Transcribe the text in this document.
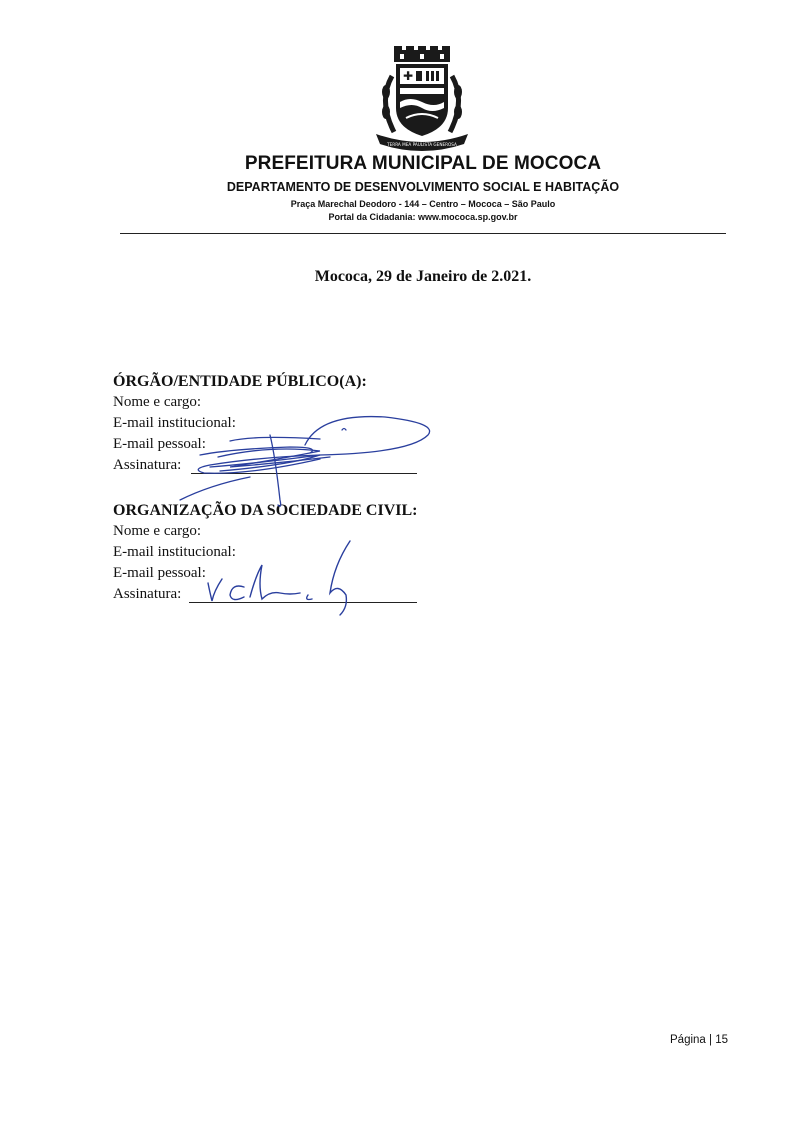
✚
TERRA MEA PAULISTA GENEROSA
PREFEITURA MUNICIPAL DE MOCOCA
DEPARTAMENTO DE DESENVOLVIMENTO SOCIAL E HABITAÇÃO
Praça Marechal Deodoro - 144 – Centro – Mococa – São Paulo
Portal da Cidadania: www.mococa.sp.gov.br
Mococa, 29 de Janeiro de 2.021.
ÓRGÃO/ENTIDADE PÚBLICO(A):
Nome e cargo:
E-mail institucional:
E-mail pessoal:
Assinatura:
ORGANIZAÇÃO DA SOCIEDADE CIVIL:
Nome e cargo:
E-mail institucional:
E-mail pessoal:
Assinatura:
Página | 15
